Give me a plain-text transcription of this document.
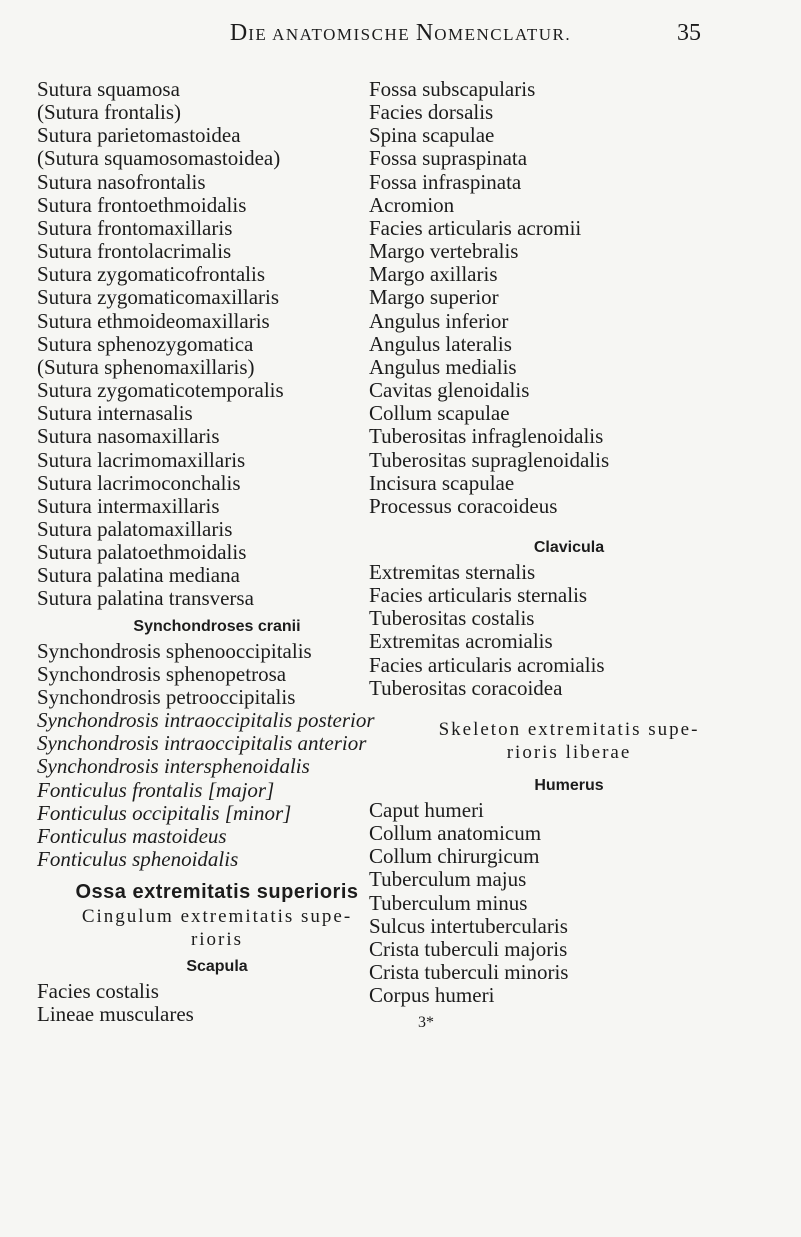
DIE ANATOMISCHE NOMENCLATUR.	35
Sutura squamosa
(Sutura frontalis)
Sutura parietomastoidea
(Sutura squamosomastoidea)
Sutura nasofrontalis
Sutura frontoethmoidalis
Sutura frontomaxillaris
Sutura frontolacrimalis
Sutura zygomaticofrontalis
Sutura zygomaticomaxillaris
Sutura ethmoideomaxillaris
Sutura sphenozygomatica
(Sutura sphenomaxillaris)
Sutura zygomaticotemporalis
Sutura internasalis
Sutura nasomaxillaris
Sutura lacrimomaxillaris
Sutura lacrimoconchalis
Sutura intermaxillaris
Sutura palatomaxillaris
Sutura palatoethmoidalis
Sutura palatina mediana
Sutura palatina transversa
Synchondroses cranii
Synchondrosis sphenooccipitalis
Synchondrosis sphenopetrosa
Synchondrosis petrooccipitalis
Synchondrosis intraoccipitalis posterior
Synchondrosis intraoccipitalis anterior
Synchondrosis intersphenoidalis
Fonticulus frontalis [major]
Fonticulus occipitalis [minor]
Fonticulus mastoideus
Fonticulus sphenoidalis
Ossa extremitatis superioris
Cingulum extremitatis supe-
rioris
Scapula
Facies costalis
Lineae musculares
Fossa subscapularis
Facies dorsalis
Spina scapulae
Fossa supraspinata
Fossa infraspinata
Acromion
Facies articularis acromii
Margo vertebralis
Margo axillaris
Margo superior
Angulus inferior
Angulus lateralis
Angulus medialis
Cavitas glenoidalis
Collum scapulae
Tuberositas infraglenoidalis
Tuberositas supraglenoidalis
Incisura scapulae
Processus coracoideus
Clavicula
Extremitas sternalis
Facies articularis sternalis
Tuberositas costalis
Extremitas acromialis
Facies articularis acromialis
Tuberositas coracoidea
Skeleton extremitatis supe-
rioris liberae
Humerus
Caput humeri
Collum anatomicum
Collum chirurgicum
Tuberculum majus
Tuberculum minus
Sulcus intertubercularis
Crista tuberculi majoris
Crista tuberculi minoris
Corpus humeri
3*
